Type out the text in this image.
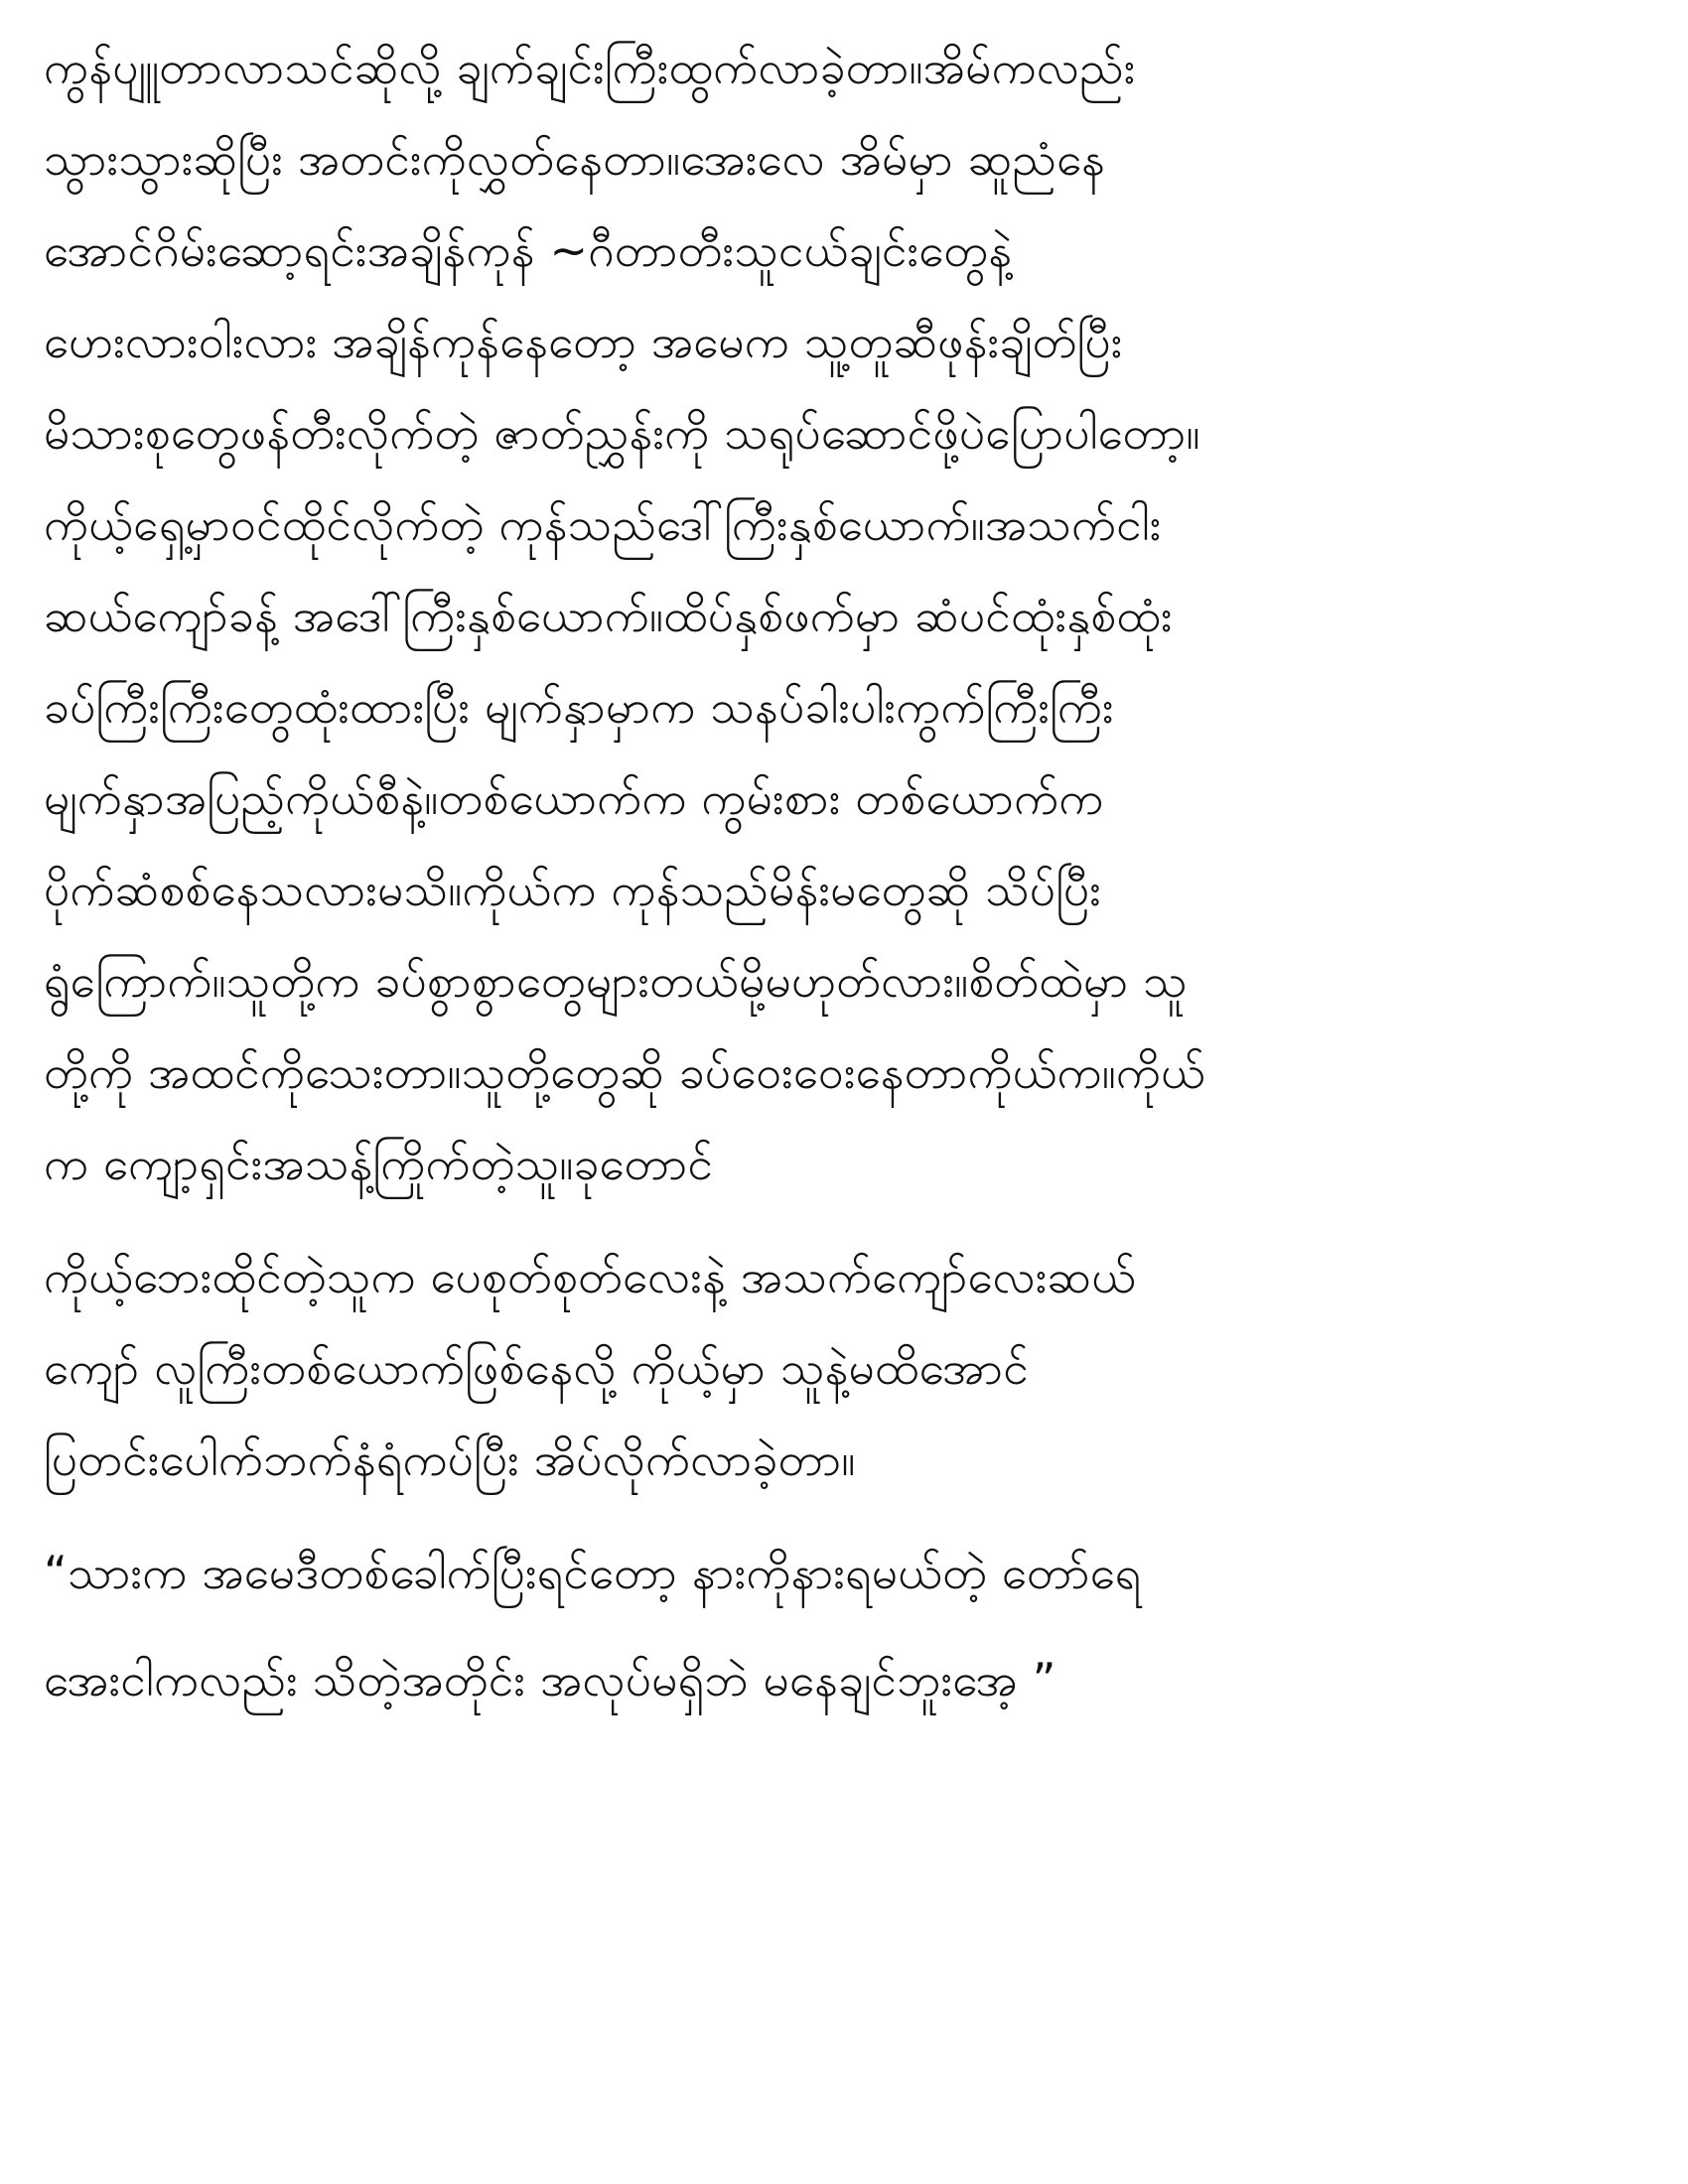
ကွန်ပျူတာလာသင်ဆိုလို့ ချက်ချင်းကြီးထွက်လာခဲ့တာ။အိမ်ကလည်း
သွားသွားဆိုပြီး အတင်းကိုလွှတ်နေတာ။အေးလေ အိမ်မှာ ဆူညံနေ
အောင်ဂိမ်းဆော့ရင်းအချိန်ကုန် ~ဂီတာတီးသူငယ်ချင်းတွေနဲ့
ဟေးလားဝါးလား အချိန်ကုန်နေတော့ အမေက သူ့တူဆီဖုန်းချိတ်ပြီး
မိသားစုတွေဖန်တီးလိုက်တဲ့ ဇာတ်ညွှန်းကို သရုပ်ဆောင်ဖို့ပဲပြောပါတော့။
ကိုယ့်ရှေ့မှာဝင်ထိုင်လိုက်တဲ့ ကုန်သည်ဒေါ်ကြီးနှစ်ယောက်။အသက်ငါး
ဆယ်ကျော်ခန့် အဒေါ်ကြီးနှစ်ယောက်။ထိပ်နှစ်ဖက်မှာ ဆံပင်ထုံးနှစ်ထုံး
ခပ်ကြီးကြီးတွေထုံးထားပြီး မျက်နှာမှာက သနပ်ခါးပါးကွက်ကြီးကြီး
မျက်နှာအပြည့်ကိုယ်စီနဲ့။တစ်ယောက်က ကွမ်းစား တစ်ယောက်က
ပိုက်ဆံစစ်နေသလားမသိ။ကိုယ်က ကုန်သည်မိန်းမတွေဆို သိပ်ပြီး
ရွံကြောက်။သူတို့က ခပ်စွာစွာတွေများတယ်မို့မဟုတ်လား။စိတ်ထဲမှာ သူ
တို့ကို အထင်ကိုသေးတာ။သူတို့တွေဆို ခပ်ဝေးဝေးနေတာကိုယ်က။ကိုယ်
က ကျော့ရှင်းအသန့်ကြိုက်တဲ့သူ။ခုတောင်
ကိုယ့်ဘေးထိုင်တဲ့သူက ပေစုတ်စုတ်လေးနဲ့ အသက်ကျော်လေးဆယ်
ကျော် လူကြီးတစ်ယောက်ဖြစ်နေလို့ ကိုယ့်မှာ သူနဲ့မထိအောင်
ပြတင်းပေါက်ဘက်နံရံကပ်ပြီး အိပ်လိုက်လာခဲ့တာ။
“သားက အမေဒီတစ်ခေါက်ပြီးရင်တော့ နားကိုနားရမယ်တဲ့ တော်ရေ
အေးငါကလည်း သိတဲ့အတိုင်း အလုပ်မရှိဘဲ မနေချင်ဘူးအေ့ ”
